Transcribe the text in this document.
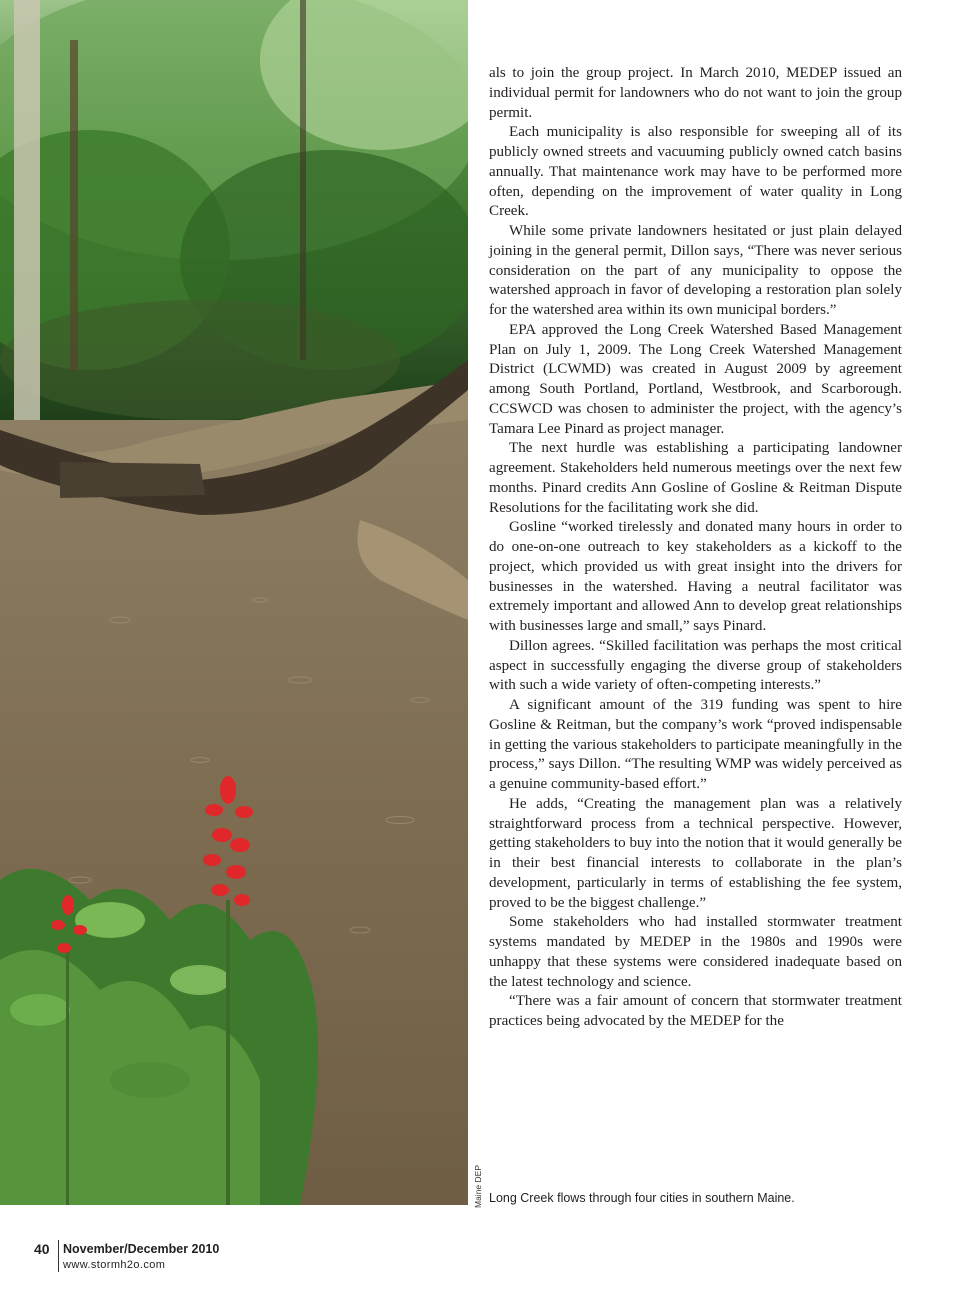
Maine DEP

als to join the group project. In March 2010, MEDEP issued an individual permit for landowners who do not want to join the group permit.

Each municipality is also responsible for sweeping all of its publicly owned streets and vacuuming publicly owned catch basins annually. That maintenance work may have to be performed more often, depending on the improvement of water quality in Long Creek.

While some private landowners hesitated or just plain delayed joining in the general permit, Dillon says, “There was never serious consideration on the part of any municipality to oppose the watershed approach in favor of developing a restoration plan solely for the watershed area within its own municipal borders.”

EPA approved the Long Creek Watershed Based Management Plan on July 1, 2009. The Long Creek Watershed Management District (LCWMD) was created in August 2009 by agreement among South Portland, Portland, Westbrook, and Scarborough. CCSWCD was chosen to administer the project, with the agency’s Tamara Lee Pinard as project manager.

The next hurdle was establishing a participating landowner agreement. Stakeholders held numerous meetings over the next few months. Pinard credits Ann Gosline of Gosline & Reitman Dispute Resolutions for the facilitating work she did.

Gosline “worked tirelessly and donated many hours in order to do one-on-one outreach to key stakeholders as a kickoff to the project, which provided us with great insight into the drivers for businesses in the watershed. Having a neutral facilitator was extremely important and allowed Ann to develop great relationships with businesses large and small,” says Pinard.

Dillon agrees. “Skilled facilitation was perhaps the most critical aspect in successfully engaging the diverse group of stakeholders with such a wide variety of often-competing interests.”

A significant amount of the 319 funding was spent to hire Gosline & Reitman, but the company’s work “proved indispensable in getting the various stakeholders to participate meaningfully in the process,” says Dillon. “The resulting WMP was widely perceived as a genuine community-based effort.”

He adds, “Creating the management plan was a relatively straightforward process from a technical perspective. However, getting stakeholders to buy into the notion that it would generally be in their best financial interests to collaborate in the plan’s development, particularly in terms of establishing the fee system, proved to be the biggest challenge.”

Some stakeholders who had installed stormwater treatment systems mandated by MEDEP in the 1980s and 1990s were unhappy that these systems were considered inadequate based on the latest technology and science.

“There was a fair amount of concern that stormwater treatment practices being advocated by the MEDEP for the

Long Creek flows through four cities in southern Maine.
40 November/December 2010
www.stormh2o.com
